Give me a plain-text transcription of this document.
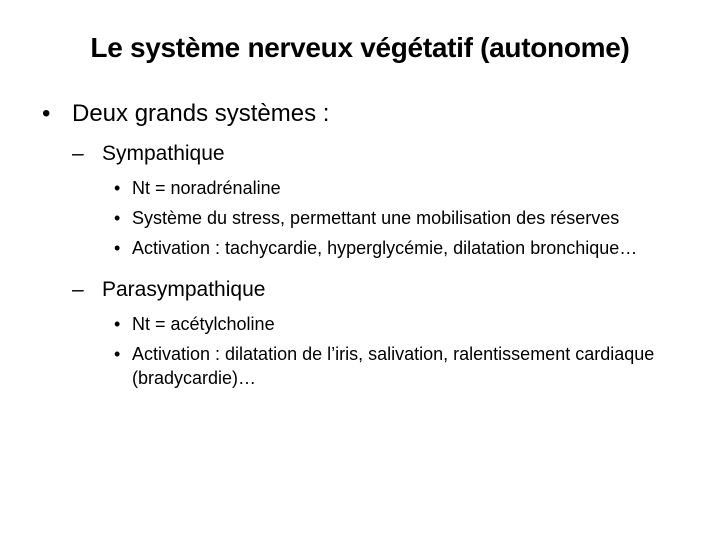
Le système nerveux végétatif (autonome)
• Deux grands systèmes :
– Sympathique
• Nt = noradrénaline
• Système du stress, permettant une mobilisation des réserves
• Activation : tachycardie, hyperglycémie, dilatation bronchique…
– Parasympathique
• Nt = acétylcholine
• Activation : dilatation de l’iris, salivation, ralentissement cardiaque (bradycardie)…
